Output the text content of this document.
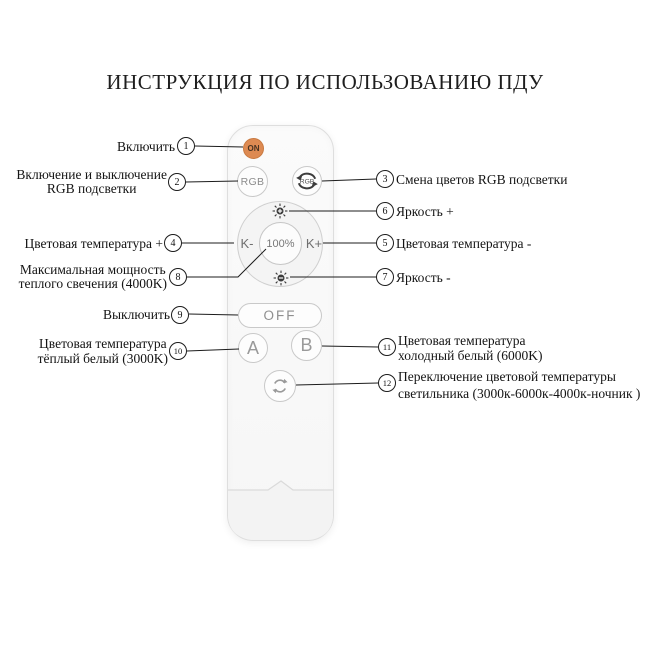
ИНСТРУКЦИЯ ПО ИСПОЛЬЗОВАНИЮ ПДУ
ON
RGB	RGB
100%
K-	K+
OFF
A	B
1
2	3
4	5
6
7
8
9
10	11
12
Включить
Включение и выключение
RGB подсветки
Цветовая температура +
Максимальная мощность
теплого свечения (4000K)
Выключить
Цветовая температура
тёплый белый (3000K)
Смена цветов RGB подсветки
Яркость +
Цветовая температура -
Яркость -
Цветовая температура
холодный белый (6000K)
Переключение цветовой температуры
светильника (3000к-6000к-4000к-ночник )
